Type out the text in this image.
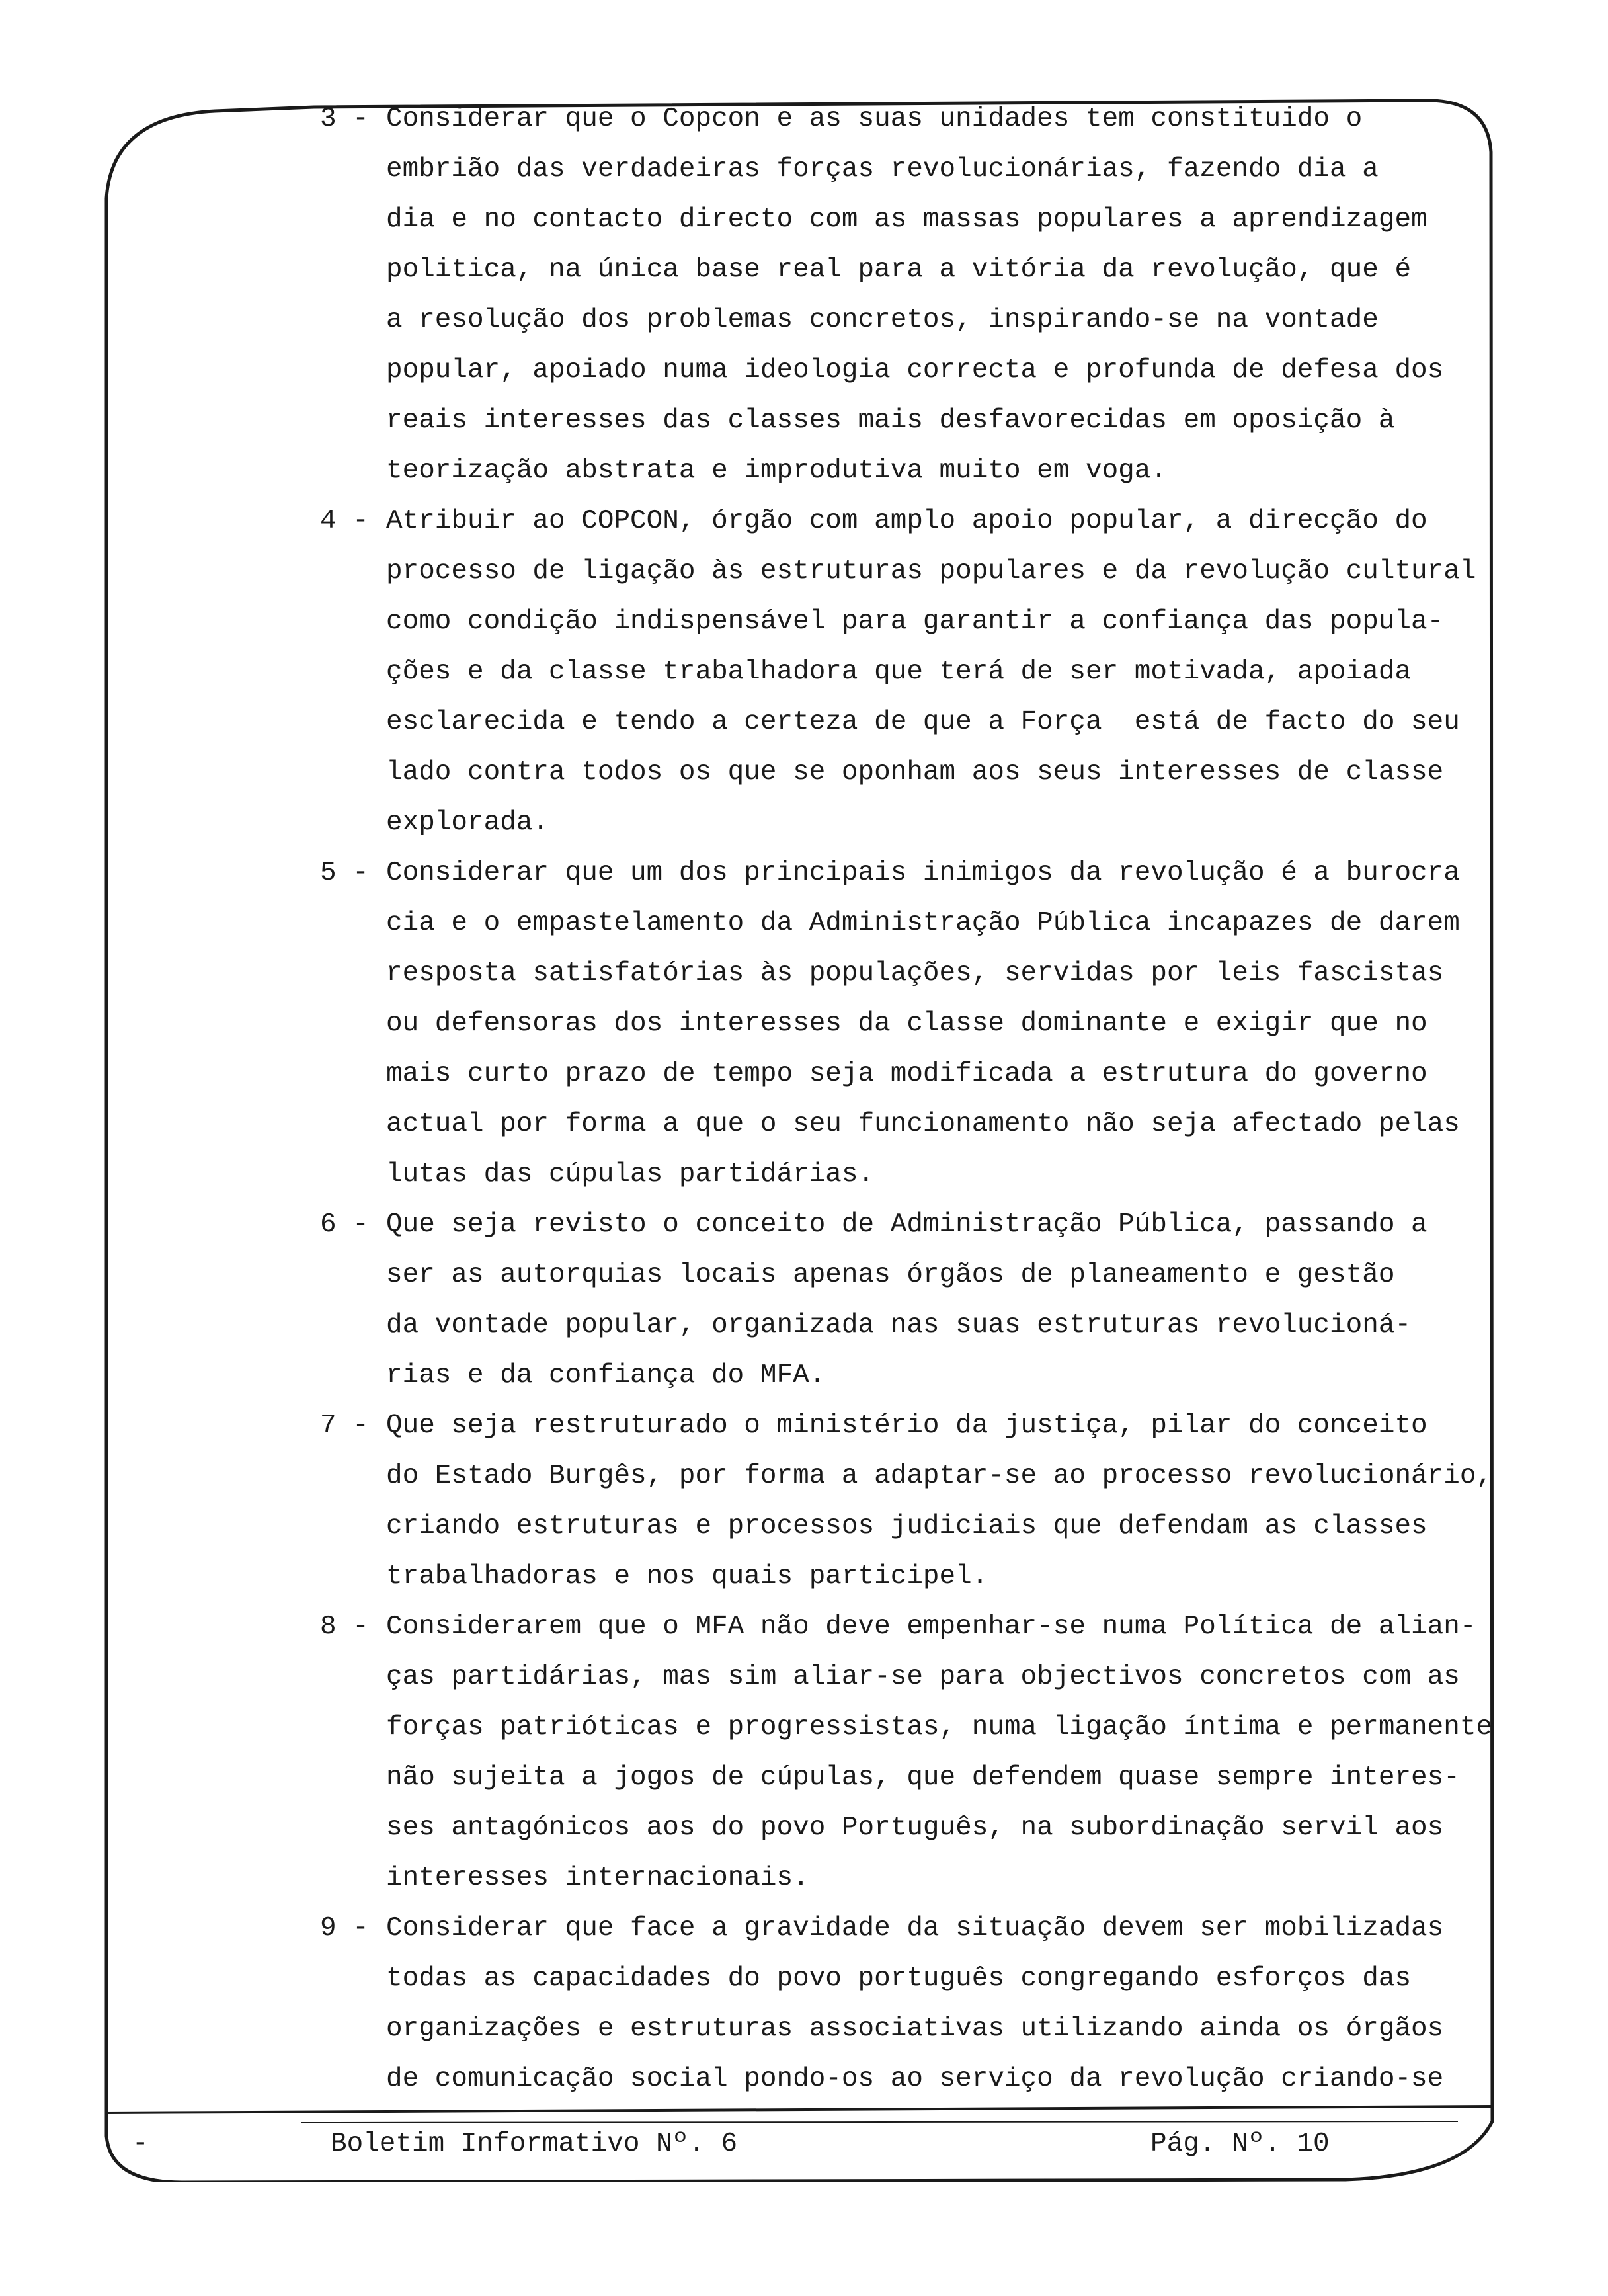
3 - Considerar que o Copcon e as suas unidades tem constituido o
embrião das verdadeiras forças revolucionárias, fazendo dia a
dia e no contacto directo com as massas populares a aprendizagem
politica, na única base real para a vitória da revolução, que é
a resolução dos problemas concretos, inspirando-se na vontade
popular, apoiado numa ideologia correcta e profunda de defesa dos
reais interesses das classes mais desfavorecidas em oposição à
teorização abstrata e improdutiva muito em voga.
4 - Atribuir ao COPCON, órgão com amplo apoio popular, a direcção do
processo de ligação às estruturas populares e da revolução cultural
como condição indispensável para garantir a confiança das popula-
ções e da classe trabalhadora que terá de ser motivada, apoiada
esclarecida e tendo a certeza de que a Força  está de facto do seu
lado contra todos os que se oponham aos seus interesses de classe
explorada.
5 - Considerar que um dos principais inimigos da revolução é a burocra
cia e o empastelamento da Administração Pública incapazes de darem
resposta satisfatórias às populações, servidas por leis fascistas
ou defensoras dos interesses da classe dominante e exigir que no
mais curto prazo de tempo seja modificada a estrutura do governo
actual por forma a que o seu funcionamento não seja afectado pelas
lutas das cúpulas partidárias.
6 - Que seja revisto o conceito de Administração Pública, passando a
ser as autorquias locais apenas órgãos de planeamento e gestão
da vontade popular, organizada nas suas estruturas revolucioná-
rias e da confiança do MFA.
7 - Que seja restruturado o ministério da justiça, pilar do conceito
do Estado Burgês, por forma a adaptar-se ao processo revolucionário,
criando estruturas e processos judiciais que defendam as classes
trabalhadoras e nos quais participel.
8 - Considerarem que o MFA não deve empenhar-se numa Política de alian-
ças partidárias, mas sim aliar-se para objectivos concretos com as
forças patrióticas e progressistas, numa ligação íntima e permanente
não sujeita a jogos de cúpulas, que defendem quase sempre interes-
ses antagónicos aos do povo Português, na subordinação servil aos
interesses internacionais.
9 - Considerar que face a gravidade da situação devem ser mobilizadas
todas as capacidades do povo português congregando esforços das
organizações e estruturas associativas utilizando ainda os órgãos
de comunicação social pondo-os ao serviço da revolução criando-se
-	Boletim Informativo Nº. 6	Pág. Nº. 10
